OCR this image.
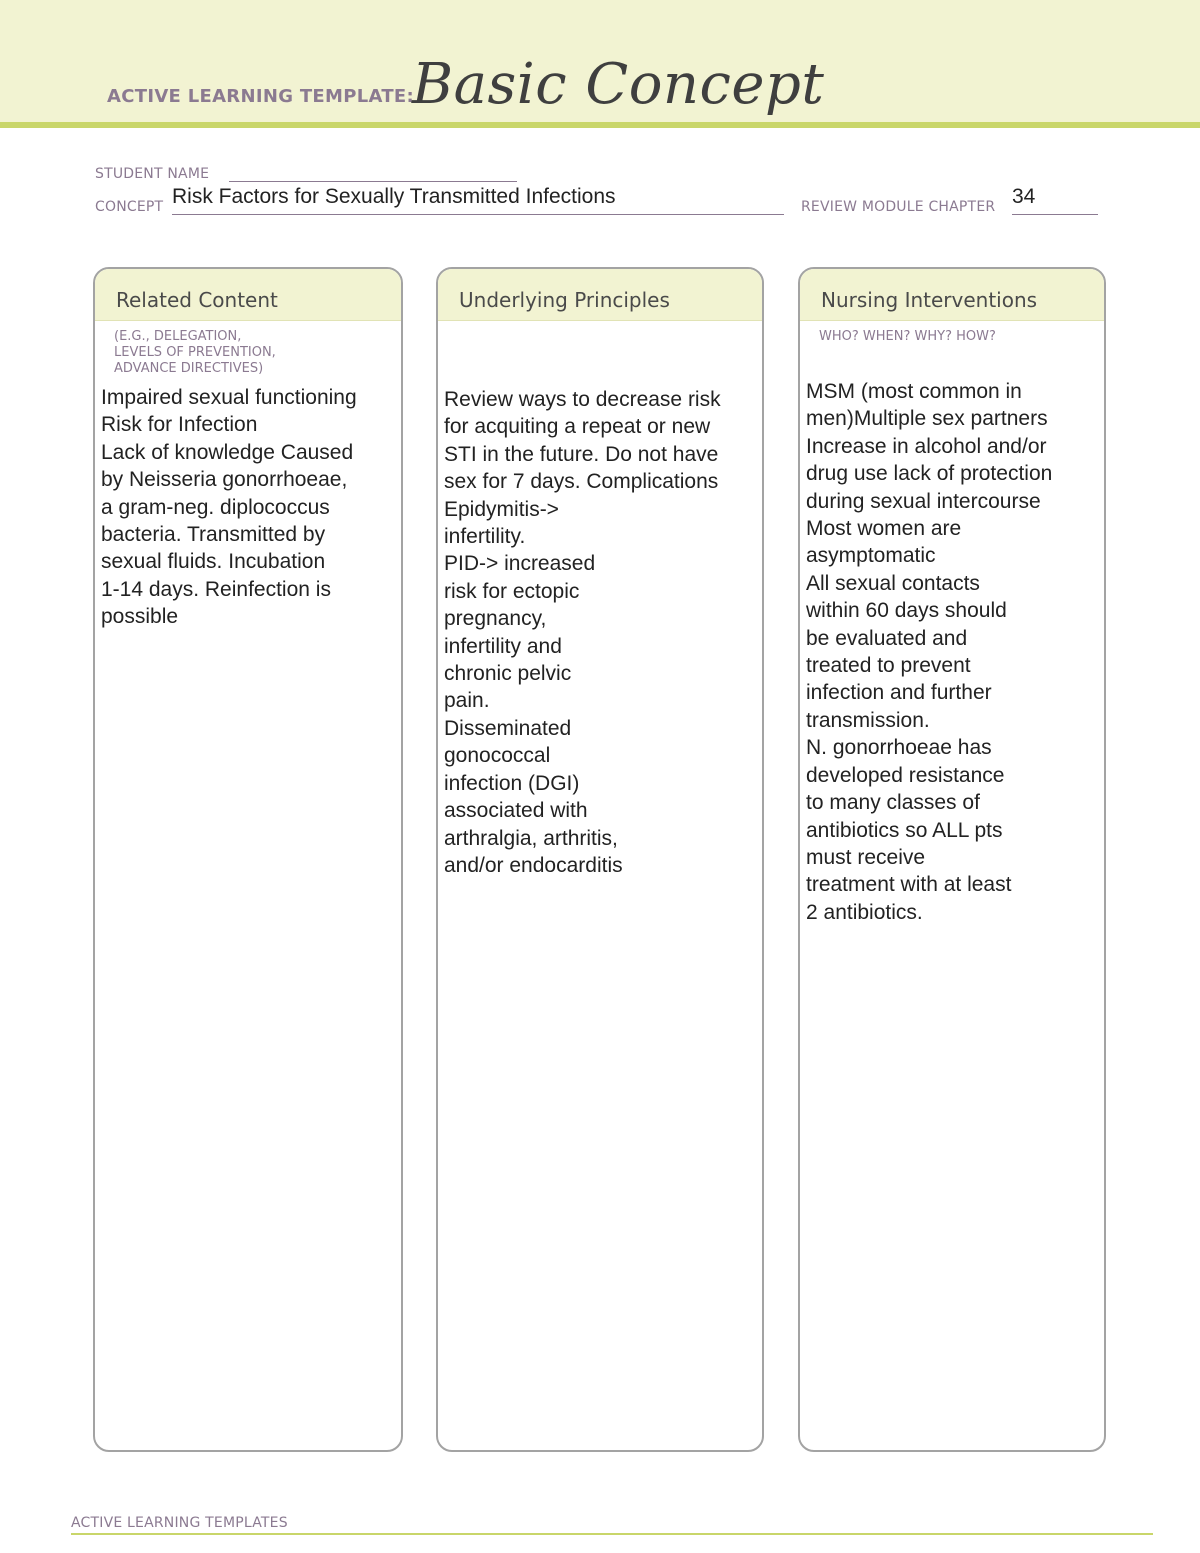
ACTIVE LEARNING TEMPLATE:
Basic Concept
STUDENT NAME
CONCEPT Risk Factors for Sexually Transmitted Infections	REVIEW MODULE CHAPTER 34
Related Content
(E.G., DELEGATION,
LEVELS OF PREVENTION,
ADVANCE DIRECTIVES)

Impaired sexual functioning

Risk for Infection

Lack of knowledge Caused

by Neisseria gonorrhoeae,

a gram-neg. diplococcus

bacteria. Transmitted by

sexual fluids. Incubation

1-14 days. Reinfection is

possible

Underlying Principles

Review ways to decrease risk

for acquiting a repeat or new

STI in the future. Do not have

sex for 7 days. Complications

Epidymitis->

infertility.

PID-> increased

risk for ectopic

pregnancy,

infertility and

chronic pelvic

pain.

Disseminated

gonococcal

infection (DGI)

associated with

arthralgia, arthritis,

and/or endocarditis

Nursing Interventions
WHO? WHEN? WHY? HOW?

MSM (most common in

men)Multiple sex partners

Increase in alcohol and/or

drug use lack of protection

during sexual intercourse

Most women are

asymptomatic

All sexual contacts

within 60 days should

be evaluated and

treated to prevent

infection and further

transmission.

N. gonorrhoeae has

developed resistance

to many classes of

antibiotics so ALL pts

must receive

treatment with at least

2 antibiotics.

ACTIVE LEARNING TEMPLATES
